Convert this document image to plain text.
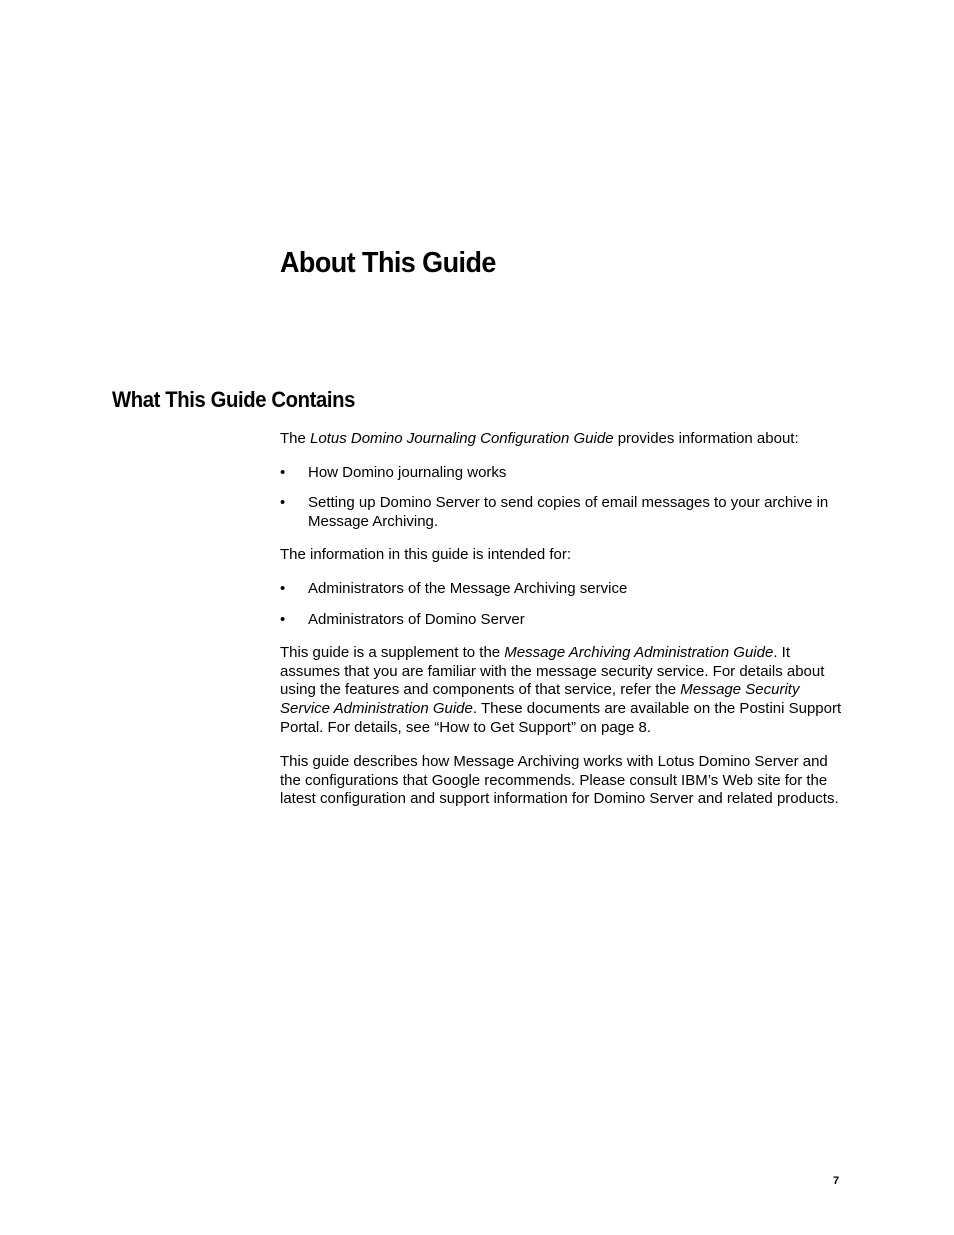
About This Guide
What This Guide Contains

The Lotus Domino Journaling Configuration Guide provides information about:

• How Domino journaling works
• Setting up Domino Server to send copies of email messages to your archive in Message Archiving.

The information in this guide is intended for:

• Administrators of the Message Archiving service
• Administrators of Domino Server

This guide is a supplement to the Message Archiving Administration Guide. It assumes that you are familiar with the message security service. For details about using the features and components of that service, refer the Message Security Service Administration Guide. These documents are available on the Postini Support Portal. For details, see “How to Get Support” on page 8.

This guide describes how Message Archiving works with Lotus Domino Server and the configurations that Google recommends. Please consult IBM’s Web site for the latest configuration and support information for Domino Server and related products.

7
